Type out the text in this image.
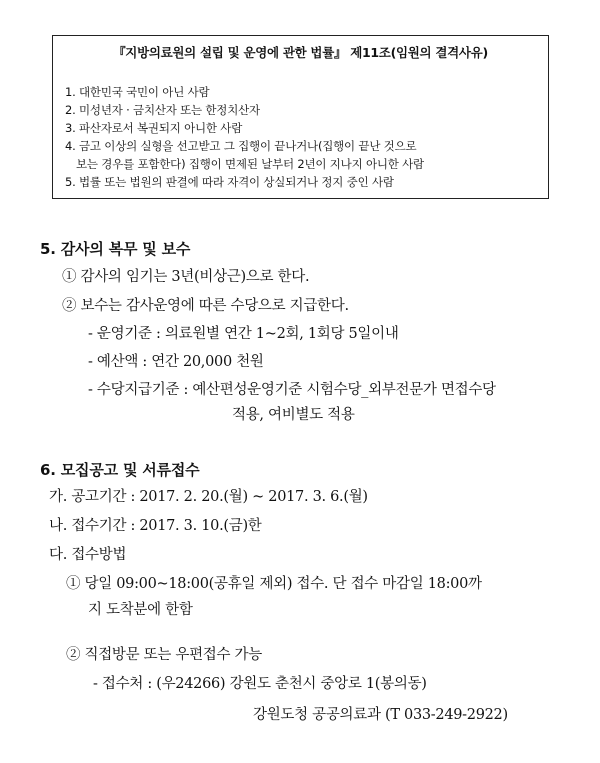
『지방의료원의 설립 및 운영에 관한 법률』 제11조(임원의 결격사유)
1. 대한민국 국민이 아닌 사람
2. 미성년자 · 금치산자 또는 한정치산자
3. 파산자로서 복권되지 아니한 사람
4. 금고 이상의 실형을 선고받고 그 집행이 끝나거나(집행이 끝난 것으로
보는 경우를 포함한다) 집행이 면제된 날부터 2년이 지나지 아니한 사람
5. 법률 또는 법원의 판결에 따라 자격이 상실되거나 정지 중인 사람
5. 감사의 복무 및 보수
① 감사의 임기는 3년(비상근)으로 한다.
② 보수는 감사운영에 따른 수당으로 지급한다.
- 운영기준 : 의료원별 연간 1~2회, 1회당 5일이내
- 예산액 : 연간 20,000 천원
- 수당지급기준 : 예산편성운영기준 시험수당_외부전문가 면접수당
적용, 여비별도 적용
6. 모집공고 및 서류접수
가. 공고기간 : 2017. 2. 20.(월) ~ 2017. 3. 6.(월)
나. 접수기간 : 2017. 3. 10.(금)한
다. 접수방법
① 당일 09:00~18:00(공휴일 제외) 접수. 단 접수 마감일 18:00까
지 도착분에 한함
② 직접방문 또는 우편접수 가능
- 접수처 : (우24266) 강원도 춘천시 중앙로 1(봉의동)
강원도청 공공의료과 (T 033-249-2922)
